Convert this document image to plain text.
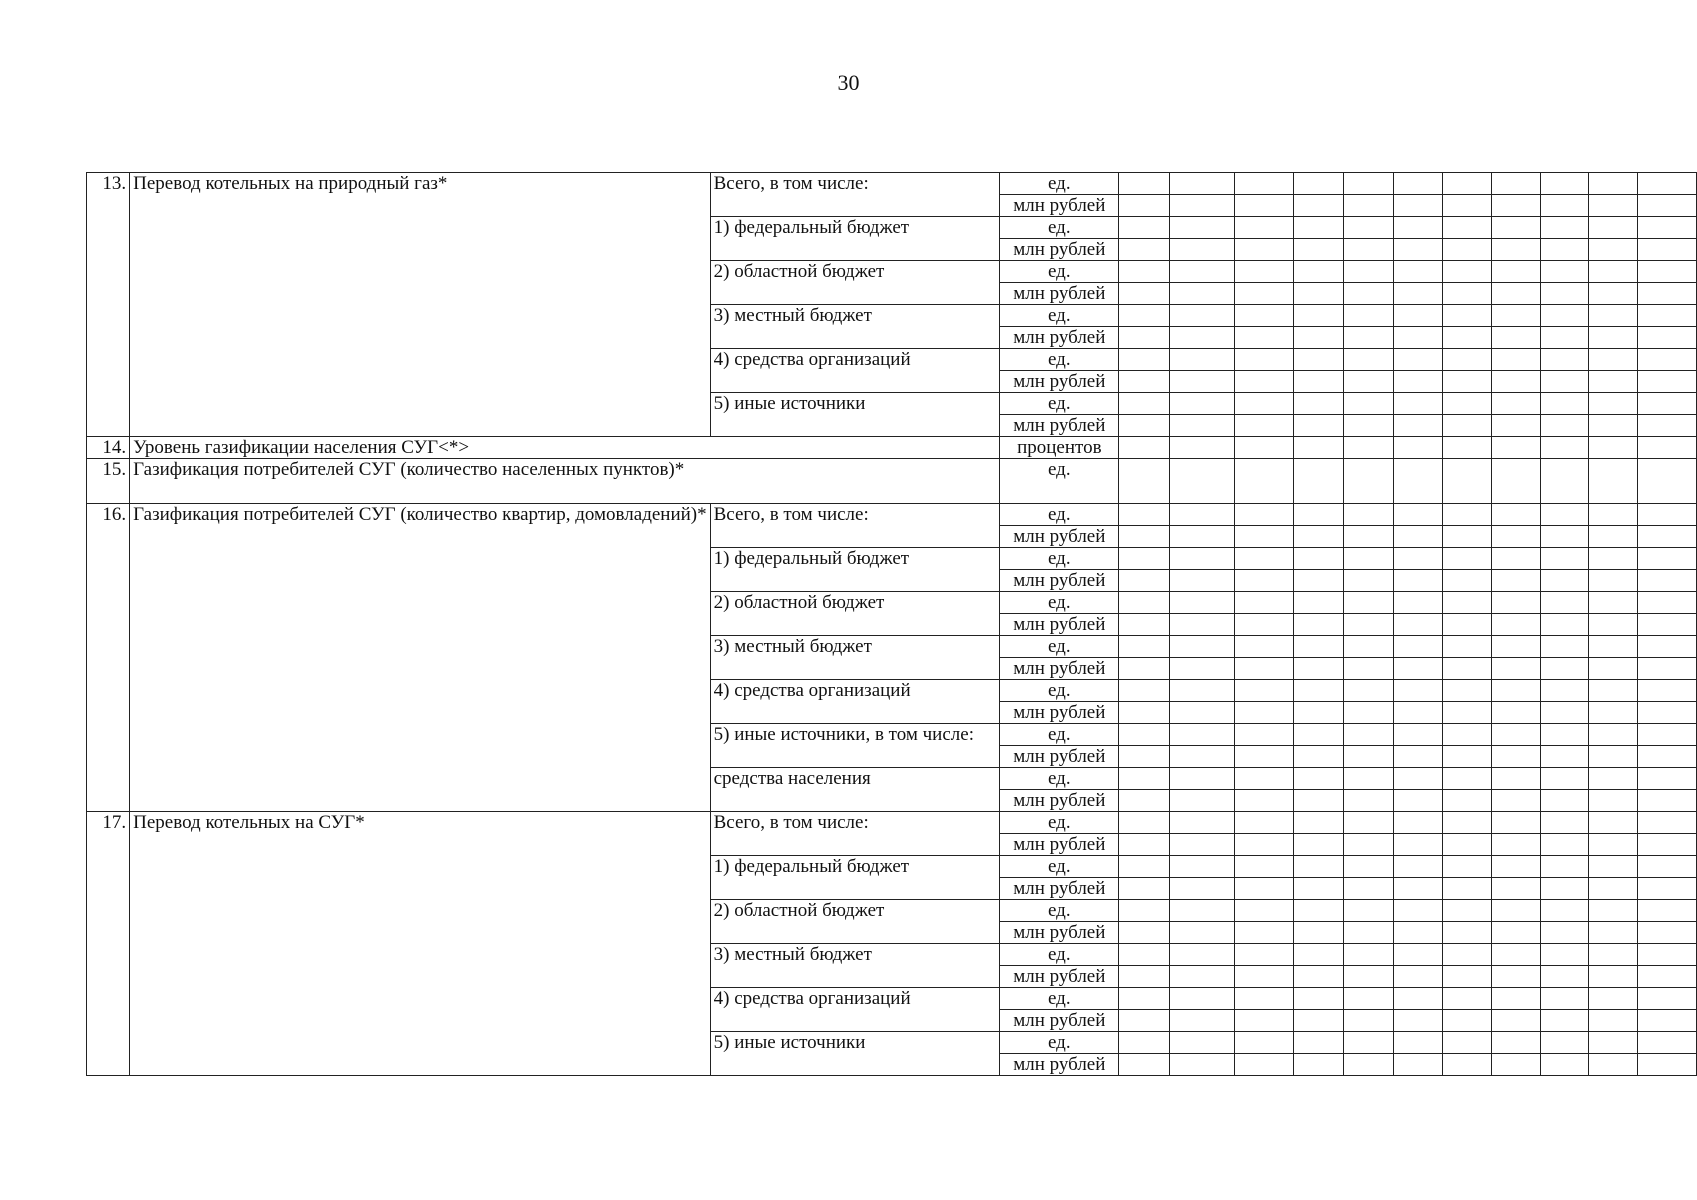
30
13.	Перевод котельных на природный газ*	Всего, в том числе:	ед.											
			млн рублей											
		1) федеральный бюджет	ед.											
			млн рублей											
		2) областной бюджет	ед.											
			млн рублей											
		3) местный бюджет	ед.											
			млн рублей											
		4) средства организаций	ед.											
			млн рублей											
		5) иные источники	ед.											
			млн рублей											
14.	Уровень газификации населения СУГ<*>		процентов											
15.	Газификация потребителей СУГ (количество населенных пунктов)*		ед.											
16.	Газификация потребителей СУГ (количество квартир, домовладений)*	Всего, в том числе:	ед.											
			млн рублей											
		1) федеральный бюджет	ед.											
			млн рублей											
		2) областной бюджет	ед.											
			млн рублей											
		3) местный бюджет	ед.											
			млн рублей											
		4) средства организаций	ед.											
			млн рублей											
		5) иные источники, в том числе:	ед.											
			млн рублей											
		средства населения	ед.											
			млн рублей											
17.	Перевод котельных на СУГ*	Всего, в том числе:	ед.											
			млн рублей											
		1) федеральный бюджет	ед.											
			млн рублей											
		2) областной бюджет	ед.											
			млн рублей											
		3) местный бюджет	ед.											
			млн рублей											
		4) средства организаций	ед.											
			млн рублей											
		5) иные источники	ед.											
			млн рублей											
